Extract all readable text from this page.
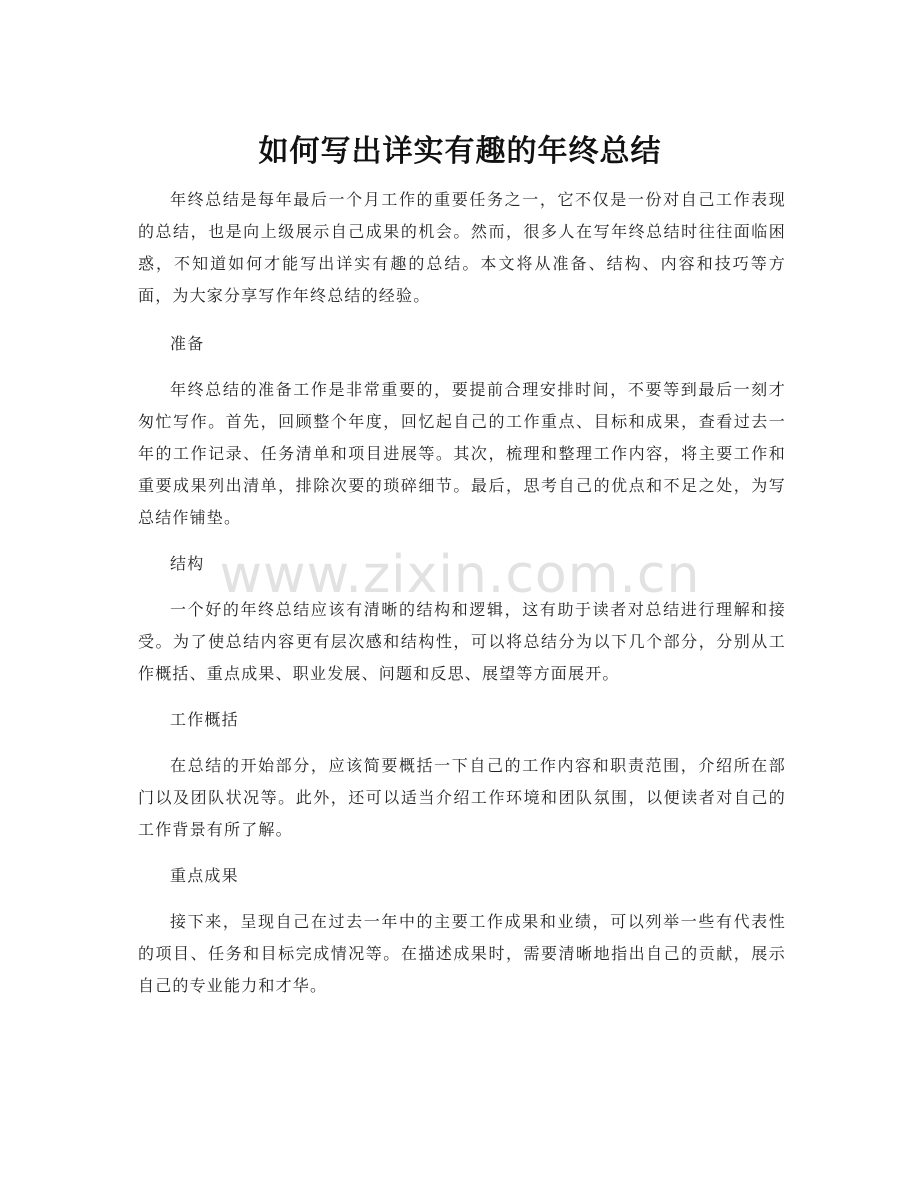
如何写出详实有趣的年终总结

年终总结是每年最后一个月工作的重要任务之一，它不仅是一份对自己工作表现的总结，也是向上级展示自己成果的机会。然而，很多人在写年终总结时往往面临困惑，不知道如何才能写出详实有趣的总结。本文将从准备、结构、内容和技巧等方面，为大家分享写作年终总结的经验。

准备

年终总结的准备工作是非常重要的，要提前合理安排时间，不要等到最后一刻才匆忙写作。首先，回顾整个年度，回忆起自己的工作重点、目标和成果，查看过去一年的工作记录、任务清单和项目进展等。其次，梳理和整理工作内容，将主要工作和重要成果列出清单，排除次要的琐碎细节。最后，思考自己的优点和不足之处，为写总结作铺垫。

结构

一个好的年终总结应该有清晰的结构和逻辑，这有助于读者对总结进行理解和接受。为了使总结内容更有层次感和结构性，可以将总结分为以下几个部分，分别从工作概括、重点成果、职业发展、问题和反思、展望等方面展开。

工作概括

在总结的开始部分，应该简要概括一下自己的工作内容和职责范围，介绍所在部门以及团队状况等。此外，还可以适当介绍工作环境和团队氛围，以便读者对自己的工作背景有所了解。

重点成果

接下来，呈现自己在过去一年中的主要工作成果和业绩，可以列举一些有代表性的项目、任务和目标完成情况等。在描述成果时，需要清晰地指出自己的贡献，展示自己的专业能力和才华。

www.zixin.com.cn
